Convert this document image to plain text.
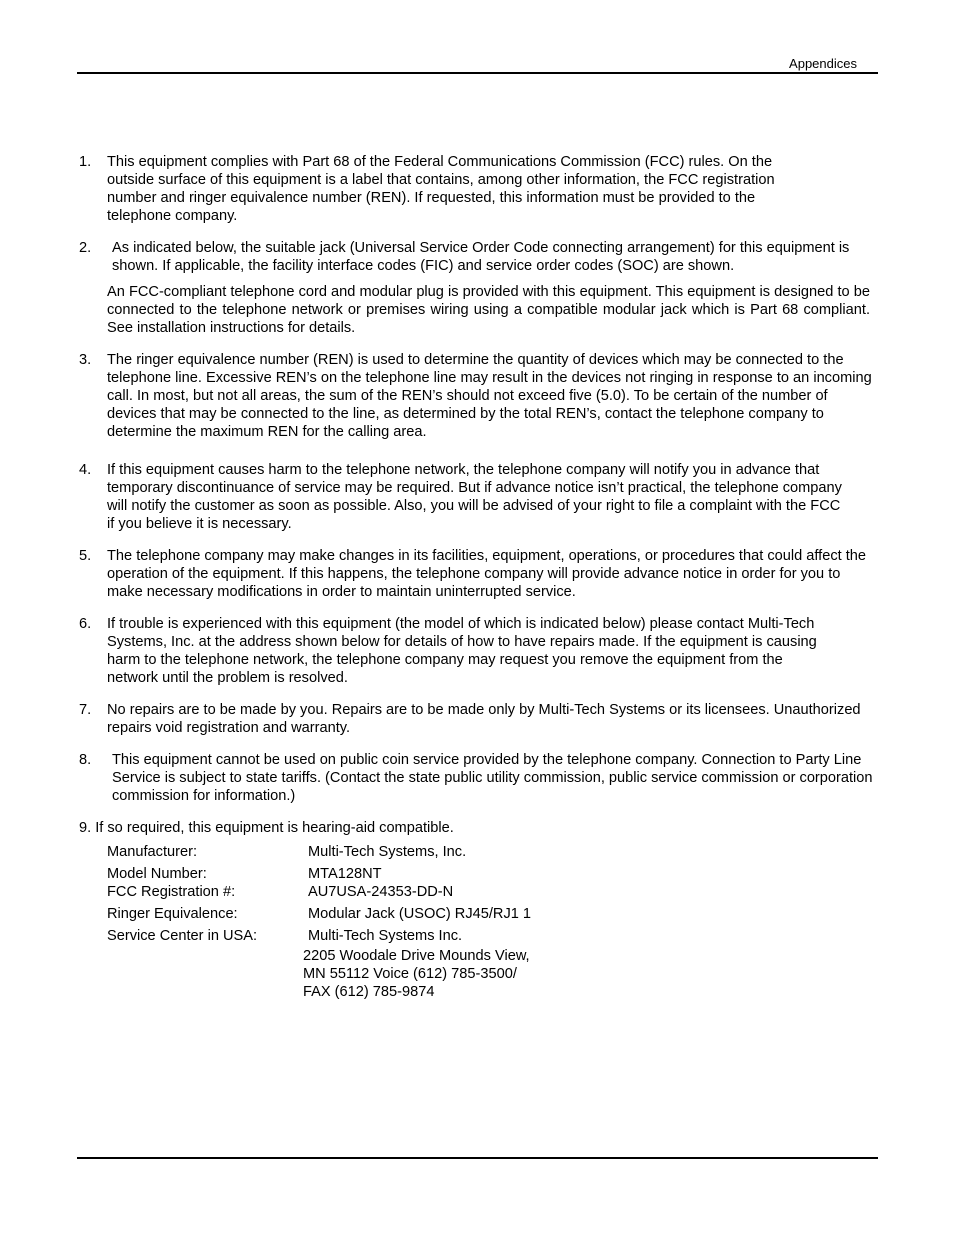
Appendices
1. This equipment complies with Part 68 of the Federal Communications Commission (FCC) rules. On the outside surface of this equipment is a label that contains, among other information, the FCC registration number and ringer equivalence number (REN). If requested, this information must be provided to the telephone company.

2.	As indicated below, the suitable jack (Universal Service Order Code connecting arrangement) for this equipment is shown. If applicable, the facility interface codes (FIC) and service order codes (SOC) are shown.

An FCC-compliant telephone cord and modular plug is provided with this equipment. This equipment is designed to be connected to the telephone network or premises wiring using a compatible modular jack which is Part 68 compliant. See installation instructions for details.

3. The ringer equivalence number (REN) is used to determine the quantity of devices which may be connected to the telephone line. Excessive REN’s on the telephone line may result in the devices not ringing in response to an incoming call. In most, but not all areas, the sum of the REN’s should not exceed five (5.0). To be certain of the number of devices that may be connected to the line, as determined by the total REN’s, contact the telephone company to determine the maximum REN for the calling area.

4. If this equipment causes harm to the telephone network, the telephone company will notify you in advance that temporary discontinuance of service may be required. But if advance notice isn’t practical, the telephone company will notify the customer as soon as possible. Also, you will be advised of your right to file a complaint with the FCC if you believe it is necessary.

5. The telephone company may make changes in its facilities, equipment, operations, or procedures that could affect the operation of the equipment. If this happens, the telephone company will provide advance notice in order for you to make necessary modifications in order to maintain uninterrupted service.

6. If trouble is experienced with this equipment (the model of which is indicated below) please contact Multi-Tech Systems, Inc. at the address shown below for details of how to have repairs made. If the equipment is causing harm to the telephone network, the telephone company may request you remove the equipment from the network until the problem is resolved.

7. No repairs are to be made by you. Repairs are to be made only by Multi-Tech Systems or its licensees. Unauthorized repairs void registration and warranty.

8.	This equipment cannot be used on public coin service provided by the telephone company. Connection to Party Line Service is subject to state tariffs. (Contact the state public utility commission, public service commission or corporation commission for information.)

9. If so required, this equipment is hearing-aid compatible.

Manufacturer:	Multi-Tech Systems, Inc.
Model Number:	MTA128NT
FCC Registration #:	AU7USA-24353-DD-N
Ringer Equivalence:	Modular Jack (USOC) RJ45/RJ1 1
Service Center in USA:	Multi-Tech Systems Inc.
2205 Woodale Drive Mounds View, MN 55112 Voice (612) 785-3500/ FAX (612) 785-9874
